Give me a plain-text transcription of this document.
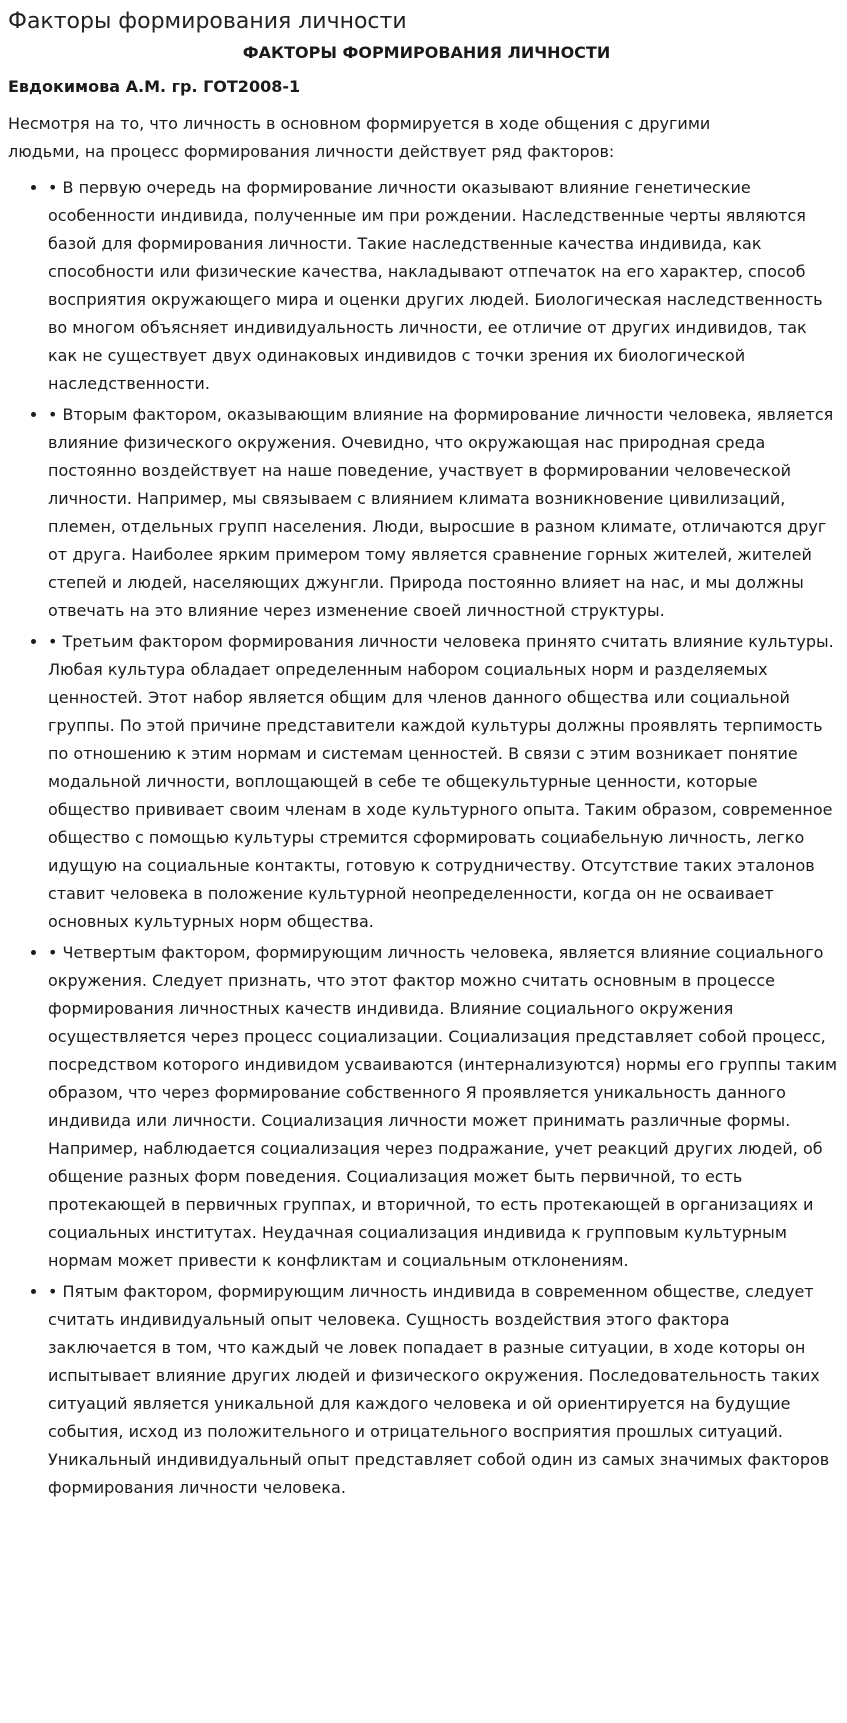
Факторы формирования личности
ФАКТОРЫ ФОРМИРОВАНИЯ ЛИЧНОСТИ
Евдокимова А.М. гр. ГОТ2008-1

Несмотря на то, что личность в основном формируется в ходе общения с другими людьми, на процесс формирования личности действует ряд факторов:

• • В первую очередь на формирование личности оказывают влияние генетические особенности индивида, полученные им при рождении. Наследственные черты являются базой для формирования личности. Такие наследственные качества индивида, как способности или физические качества, накладывают отпечаток на его характер, способ восприятия окружающего мира и оценки других людей. Биологическая наследственность во многом объясняет индивидуальность личности, ее отличие от других индивидов, так как не существует двух одинаковых индивидов с точки зрения их биологической наследственности.
• • Вторым фактором, оказывающим влияние на формирование личности человека, является влияние физического окружения. Очевидно, что окружающая нас природная среда постоянно воздействует на наше поведение, участвует в формировании человеческой личности. Например, мы связываем с влиянием климата возникновение цивилизаций, племен, отдельных групп населения. Люди, выросшие в разном климате, отличаются друг от друга. Наиболее ярким примером тому является сравнение горных жителей, жителей степей и людей, населяющих джунгли. Природа постоянно влияет на нас, и мы должны отвечать на это влияние через изменение своей личностной структуры.
• • Третьим фактором формирования личности человека принято считать влияние культуры. Любая культура обладает определенным набором социальных норм и разделяемых ценностей. Этот набор является общим для членов данного общества или социальной группы. По этой причине представители каждой культуры должны проявлять терпимость по отношению к этим нормам и системам ценностей. В связи с этим возникает понятие модальной личности, воплощающей в себе те общекультурные ценности, которые общество прививает своим членам в ходе культурного опыта. Таким образом, современное общество с помощью культуры стремится сформировать социабельную личность, легко идущую на социальные контакты, готовую к сотрудничеству. Отсутствие таких эталонов ставит человека в положение культурной неопределенности, когда он не осваивает основных культурных норм общества.
• • Четвертым фактором, формирующим личность человека, является влияние социального окружения. Следует признать, что этот фактор можно считать основным в процессе формирования личностных качеств индивида. Влияние социального окружения осуществляется через процесс социализации. Социализация представляет собой процесс, посредством которого индивидом усваиваются (интернализуются) нормы его группы таким образом, что через формирование собственного Я проявляется уникальность данного индивида или личности. Социализация личности может принимать различные формы. Например, наблюдается социализация через подражание, учет реакций других людей, об общение разных форм поведения. Социализация может быть первичной, то есть протекающей в первичных группах, и вторичной, то есть протекающей в организациях и социальных институтах. Неудачная социализация индивида к групповым культурным нормам может привести к конфликтам и социальным отклонениям.
• • Пятым фактором, формирующим личность индивида в современном обществе, следует считать индивидуальный опыт человека. Сущность воздействия этого фактора заключается в том, что каждый че ловек попадает в разные ситуации, в ходе которы он испытывает влияние других людей и физического окружения. Последовательность таких ситуаций является уникальной для каждого человека и ой ориентируется на будущие события, исход из положительного и отрицательного восприятия прошлых ситуаций. Уникальный индивидуальный опыт представляет собой один из самых значимых факторов формирования личности человека.
